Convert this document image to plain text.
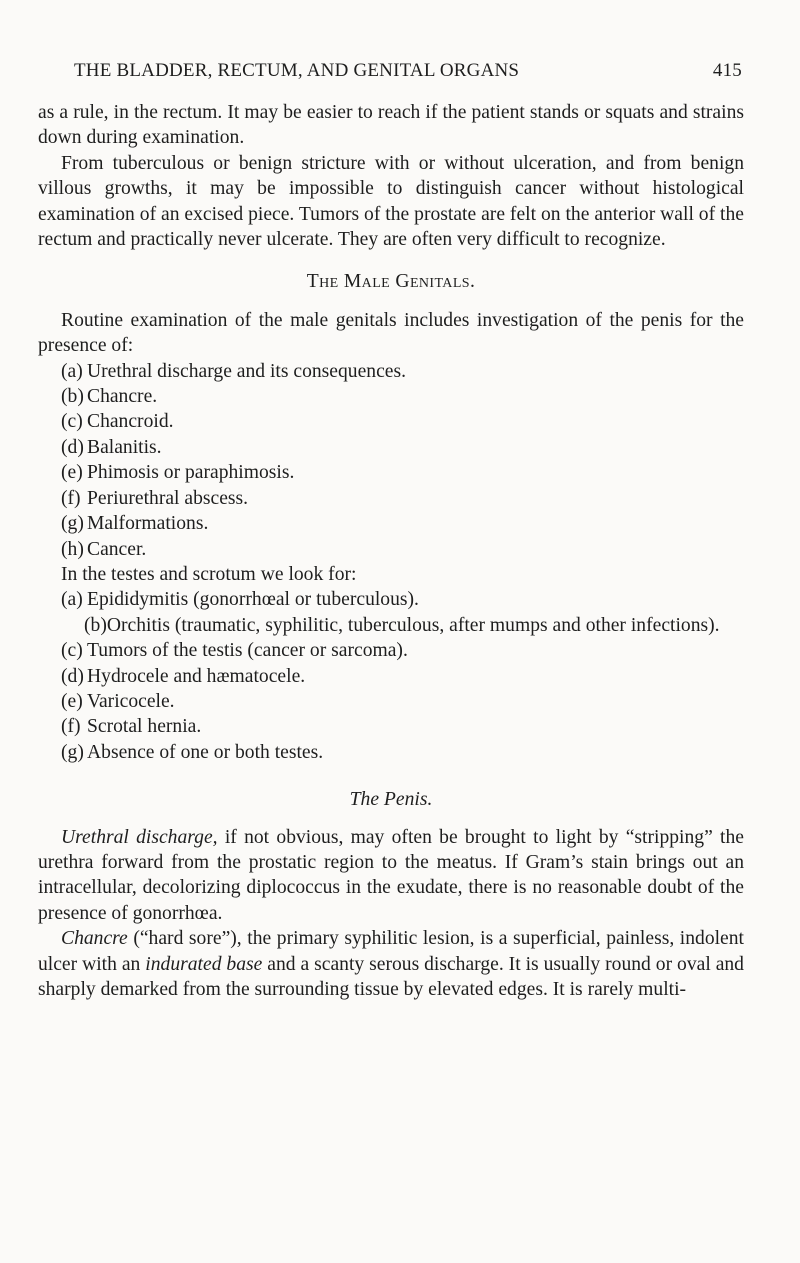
THE BLADDER, RECTUM, AND GENITAL ORGANS	415

as a rule, in the rectum. It may be easier to reach if the patient stands or squats and strains down during examination.

From tuberculous or benign stricture with or without ulceration, and from benign villous growths, it may be impossible to distinguish cancer without histological examination of an excised piece. Tumors of the prostate are felt on the anterior wall of the rectum and practically never ulcerate. They are often very difficult to recognize.

The Male Genitals.

Routine examination of the male genitals includes investigation of the penis for the presence of:

(a) Urethral discharge and its consequences.
(b) Chancre.
(c) Chancroid.
(d) Balanitis.
(e) Phimosis or paraphimosis.
(f) Periurethral abscess.
(g) Malformations.
(h) Cancer.

In the testes and scrotum we look for:

(a) Epididymitis (gonorrhœal or tuberculous).
(b)Orchitis (traumatic, syphilitic, tuberculous, after mumps and other infections).
(c) Tumors of the testis (cancer or sarcoma).
(d) Hydrocele and hæmatocele.
(e) Varicocele.
(f) Scrotal hernia.
(g) Absence of one or both testes.
The Penis.

Urethral discharge, if not obvious, may often be brought to light by “stripping” the urethra forward from the prostatic region to the meatus. If Gram’s stain brings out an intracellular, decolorizing diplococcus in the exudate, there is no reasonable doubt of the presence of gonorrhœa.

Chancre (“hard sore”), the primary syphilitic lesion, is a superficial, painless, indolent ulcer with an indurated base and a scanty serous discharge. It is usually round or oval and sharply demarked from the surrounding tissue by elevated edges. It is rarely multi-
